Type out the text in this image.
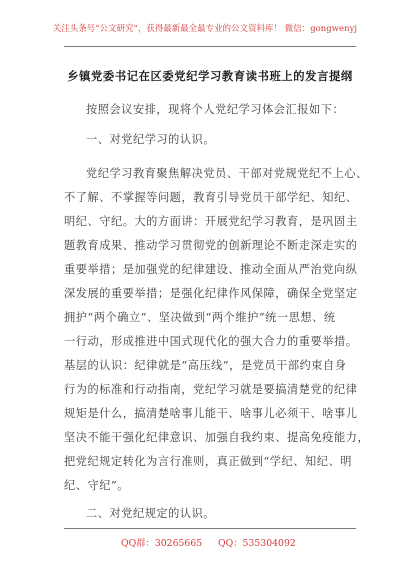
关注头条号“公文研究”，获得最新最全最专业的公文资料库！ 微信：gongwenyj
乡镇党委书记在区委党纪学习教育读书班上的发言提纲
按照会议安排，现将个人党纪学习体会汇报如下：
一、对党纪学习的认识。
党纪学习教育聚焦解决党员、干部对党规党纪不上心、
不了解、不掌握等问题，教育引导党员干部学纪、知纪、
明纪、守纪。大的方面讲：开展党纪学习教育，是巩固主
题教育成果、推动学习贯彻党的创新理论不断走深走实的
重要举措；是加强党的纪律建设、推动全面从严治党向纵
深发展的重要举措；是强化纪律作风保障，确保全党坚定
拥护“两个确立”、坚决做到“两个维护”统一思想、统
一行动，形成推进中国式现代化的强大合力的重要举措。
基层的认识：纪律就是“高压线”，是党员干部约束自身
行为的标准和行动指南，党纪学习就是要搞清楚党的纪律
规矩是什么，搞清楚啥事儿能干、啥事儿必须干、啥事儿
坚决不能干强化纪律意识、加强自我约束、提高免疫能力，
把党纪规定转化为言行准则，真正做到“学纪、知纪、明
纪、守纪”。
二、对党纪规定的认识。
QQ群：30265665 QQ：535304092
